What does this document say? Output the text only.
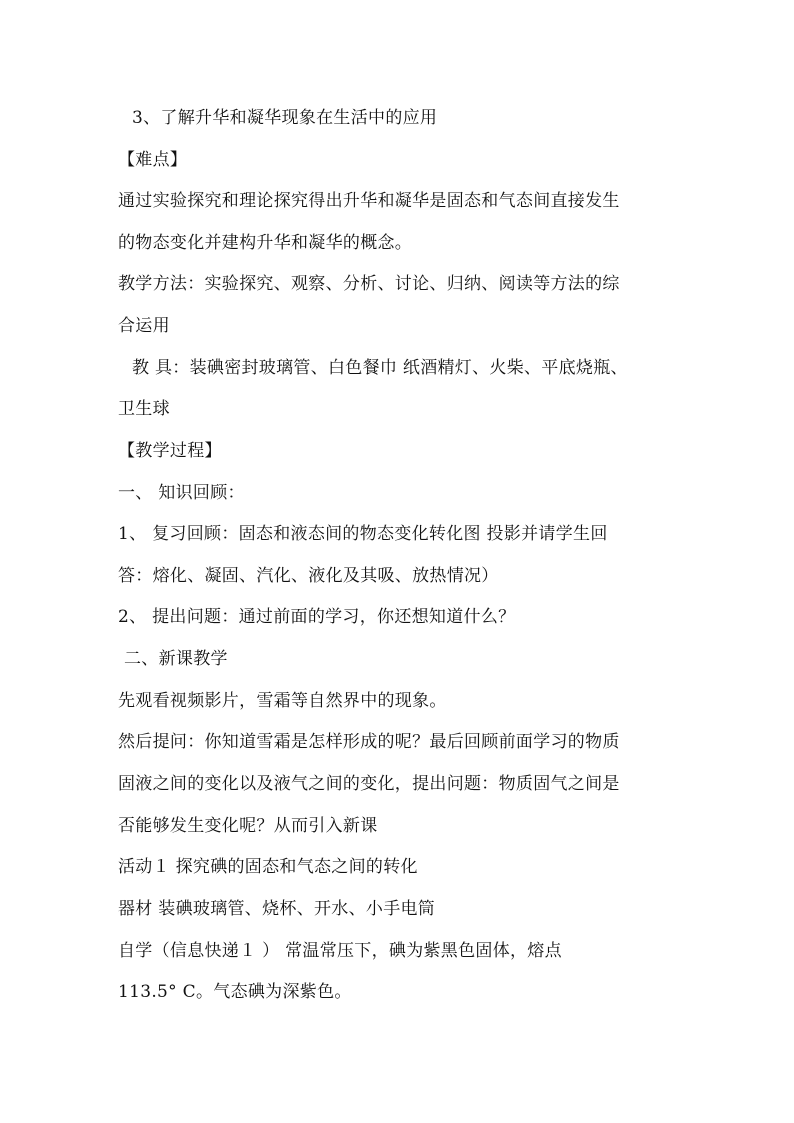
3、了解升华和凝华现象在生活中的应用
【难点】
通过实验探究和理论探究得出升华和凝华是固态和气态间直接发生
的物态变化并建构升华和凝华的概念。
教学方法：实验探究、观察、分析、讨论、归纳、阅读等方法的综
合运用
教 具：装碘密封玻璃管、白色餐巾 纸酒精灯、火柴、平底烧瓶、
卫生球
【教学过程】
一、 知识回顾：
1、 复习回顾：固态和液态间的物态变化转化图 投影并请学生回
答：熔化、凝固、汽化、液化及其吸、放热情况）
2、 提出问题：通过前面的学习，你还想知道什么？
二、新课教学
先观看视频影片，雪霜等自然界中的现象。
然后提问：你知道雪霜是怎样形成的呢？最后回顾前面学习的物质
固液之间的变化以及液气之间的变化，提出问题：物质固气之间是
否能够发生变化呢？从而引入新课
活动１ 探究碘的固态和气态之间的转化
器材 装碘玻璃管、烧杯、开水、小手电筒
自学（信息快递１ ） 常温常压下，碘为紫黑色固体，熔点
113.5° C。气态碘为深紫色。
